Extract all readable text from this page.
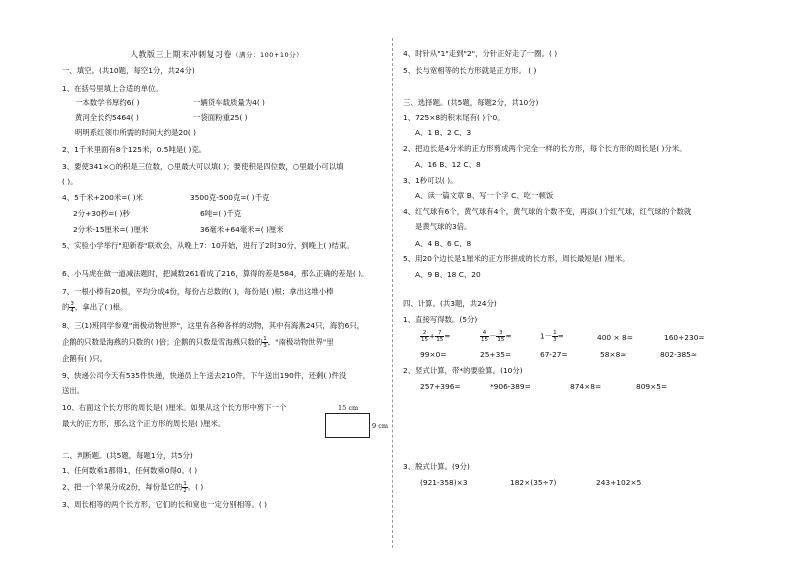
人教版三上期末冲刺复习卷（满分：100+10分）
一、填空。(共10题，每空1分，共24分)
1、在括号里填上合适的单位。
一本数学书厚约6( )	一辆货车载质量为4( )
黄河全长约5464( )	一袋面粉重25( )
明明系红领巾所需的时间大约是20( )
2、1千米里面有8个125米，0.5吨是( )克。
3、要使341×○的积是三位数，○里最大可以填( )；要使积是四位数，○里最小可以填
( )。
4、5千米+200米=( )米	3500克-500克=( )千克
2分+30秒=( )秒	6吨=( )千克
2分米-15厘米=( )厘米	36毫米+64毫米=( )厘米
5、实验小学举行"迎新春"联欢会，从晚上7：10开始，进行了2时30分，到晚上( )结束。
6、小马虎在做一道减法题时，把减数261看成了216，算得的差是584，那么正确的差是( )。
7、一根小棒有20根，平均分成4份，每份占总数的( )，每份是( )根；拿出这堆小棒
的 $\frac{3}{4}$ ，拿出了( )根。
8、三(1)班同学参观"南极动物世界"，这里有各种各样的动物，其中有海燕24只，海豹6只，
企鹅的只数是海燕的只数的( )倍；企鹅的只数是雪海燕只数的 $\frac{1}{3}$ ，"南极动物世界"里
企鹅有( )只。
9、快递公司今天有535件快递，快递员上午送去210件，下午送出190件，还剩( )件没
送出。
10、右面这个长方形的周长是( )厘米。如果从这个长方形中剪下一个
最大的正方形，那么这个正方形的周长是( )厘米。
15 cm
9 cm
二、判断题。(共5题，每题1分，共5分)
1、任何数乘1都得1，任何数乘0得0。( )
2、把一个苹果分成2份，每份是它的 $\frac{1}{2}$ 。( )
3、周长相等的两个长方形，它们的长和宽也一定分别相等。( )
4、时针从"1"走到"2"，分针正好走了一圈。( )
5、长与宽相等的长方形就是正方形。 ( )
三、选择题。(共5题，每题2分，共10分)
1、725×8的积末尾有( )个0。
A、1 B、2 C、3
2、把边长是4分米的正方形剪成两个完全一样的长方形，每个长方形的周长是( )分米。
A、16 B、12 C、8
3、1秒可以( )。
A、读一篇文章 B、写一个字 C、吃一顿饭
4、红气球有6个，黄气球有4个，黄气球的个数不变，再添( )个红气球，红气球的个数就
是黄气球的3倍。
A、4 B、6 C、8
5、用20个边长是1厘米的正方形拼成的长方形，周长最短是( )厘米。
A、9 B、18 C、20
四、计算。(共3题，共24分)
1、直接写得数。(5分)
$\frac{2}{15} + \frac{7}{15}$ =	$\frac{4}{15} - \frac{3}{15}$ =	$1- \frac{1}{3}$ =	400 × 8=	160+230=
99×0=	25+35=	67-27=	58×8≈	802-385≈
2、竖式计算，带*的要验算。(10分)
257+396=	*906-389=	874×8=	809×5=
3、脱式计算。(9分)
(921-358)×3	182×(35÷7)	243+102×5
